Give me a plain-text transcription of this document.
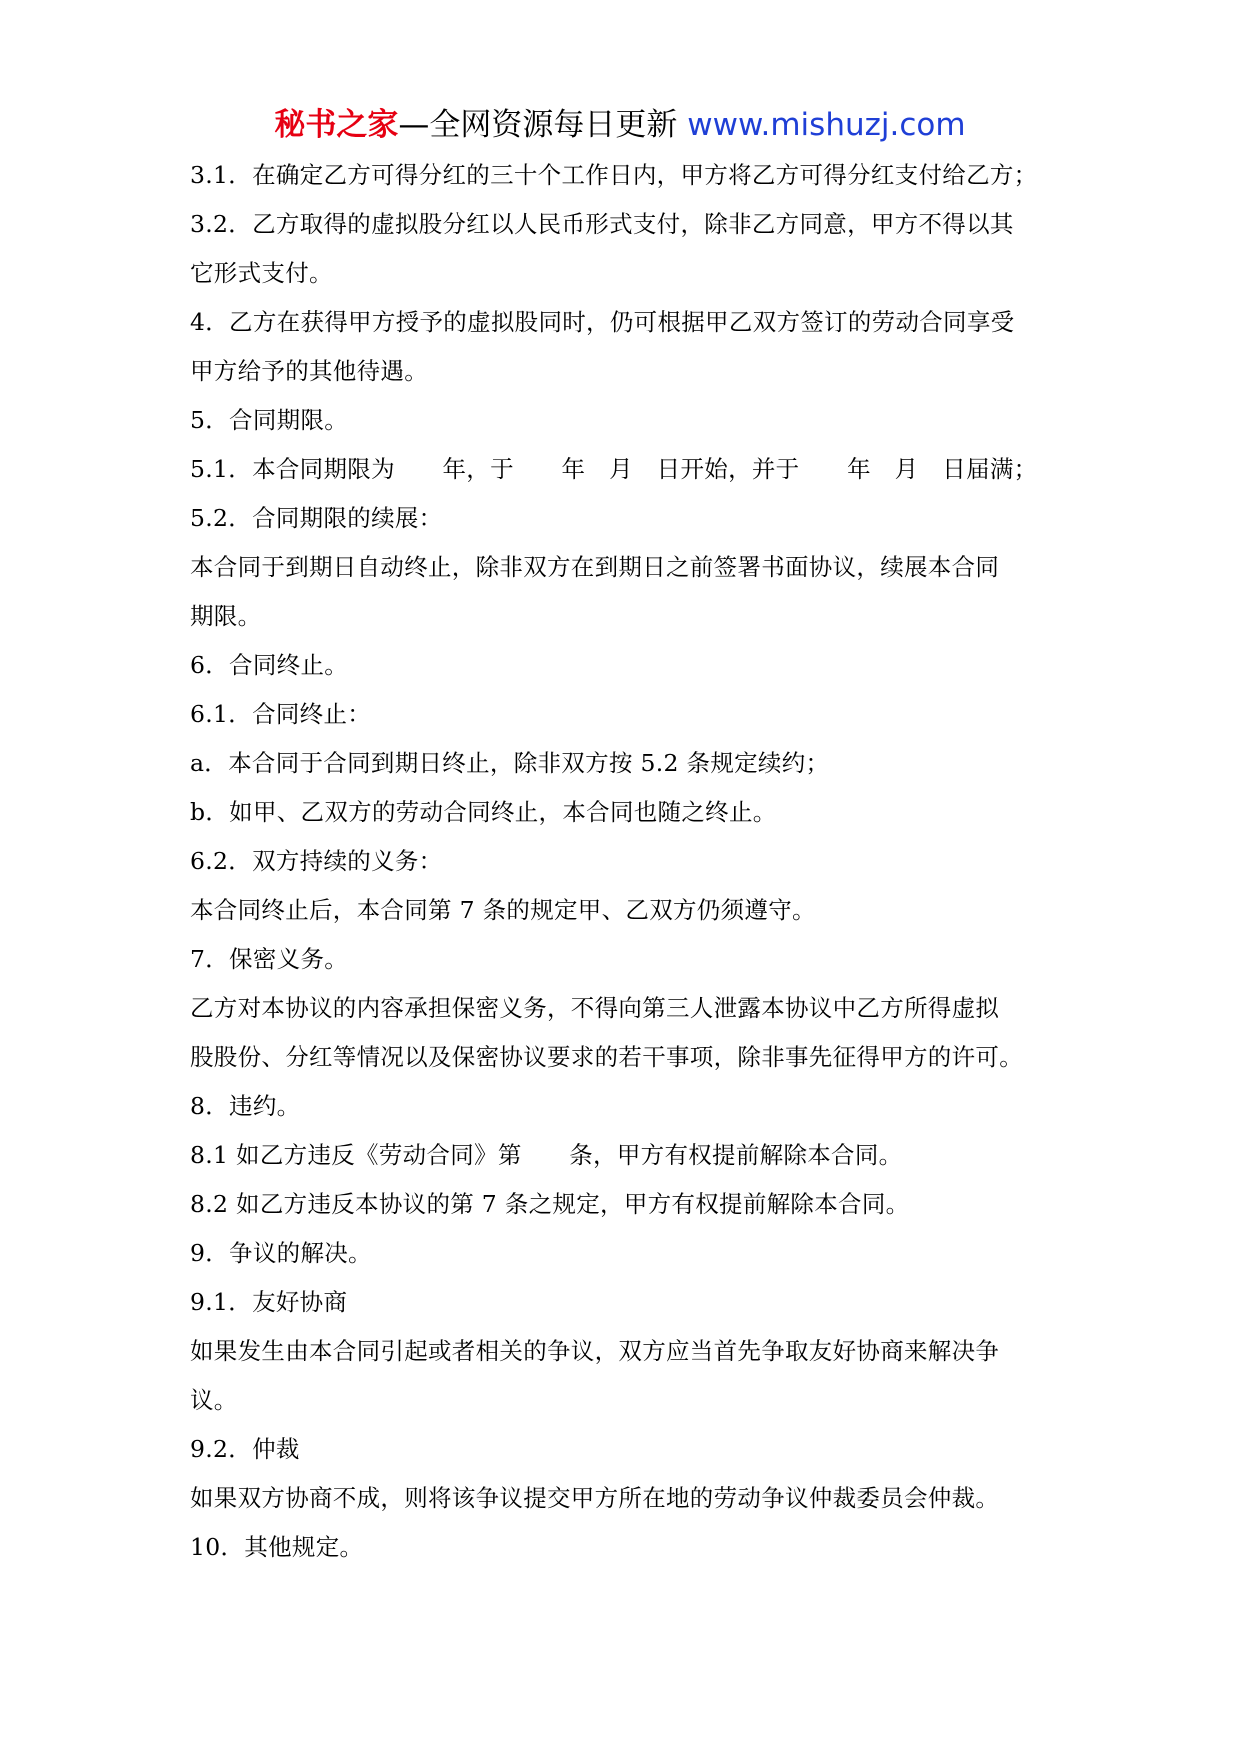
秘书之家—全网资源每日更新 www.mishuzj.com
3.1．在确定乙方可得分红的三十个工作日内，甲方将乙方可得分红支付给乙方；
3.2．乙方取得的虚拟股分红以人民币形式支付，除非乙方同意，甲方不得以其
它形式支付。
4．乙方在获得甲方授予的虚拟股同时，仍可根据甲乙双方签订的劳动合同享受
甲方给予的其他待遇。
5．合同期限。
5.1．本合同期限为　　年，于　　年　月　日开始，并于　　年　月　日届满；
5.2．合同期限的续展：
本合同于到期日自动终止，除非双方在到期日之前签署书面协议，续展本合同
期限。
6．合同终止。
6.1．合同终止：
a．本合同于合同到期日终止，除非双方按 5.2 条规定续约；
b．如甲、乙双方的劳动合同终止，本合同也随之终止。
6.2．双方持续的义务：
本合同终止后，本合同第 7 条的规定甲、乙双方仍须遵守。
7．保密义务。
乙方对本协议的内容承担保密义务，不得向第三人泄露本协议中乙方所得虚拟
股股份、分红等情况以及保密协议要求的若干事项，除非事先征得甲方的许可。
8．违约。
8.1 如乙方违反《劳动合同》第　　条，甲方有权提前解除本合同。
8.2 如乙方违反本协议的第 7 条之规定，甲方有权提前解除本合同。
9．争议的解决。
9.1．友好协商
如果发生由本合同引起或者相关的争议，双方应当首先争取友好协商来解决争
议。
9.2．仲裁
如果双方协商不成，则将该争议提交甲方所在地的劳动争议仲裁委员会仲裁。
10．其他规定。
